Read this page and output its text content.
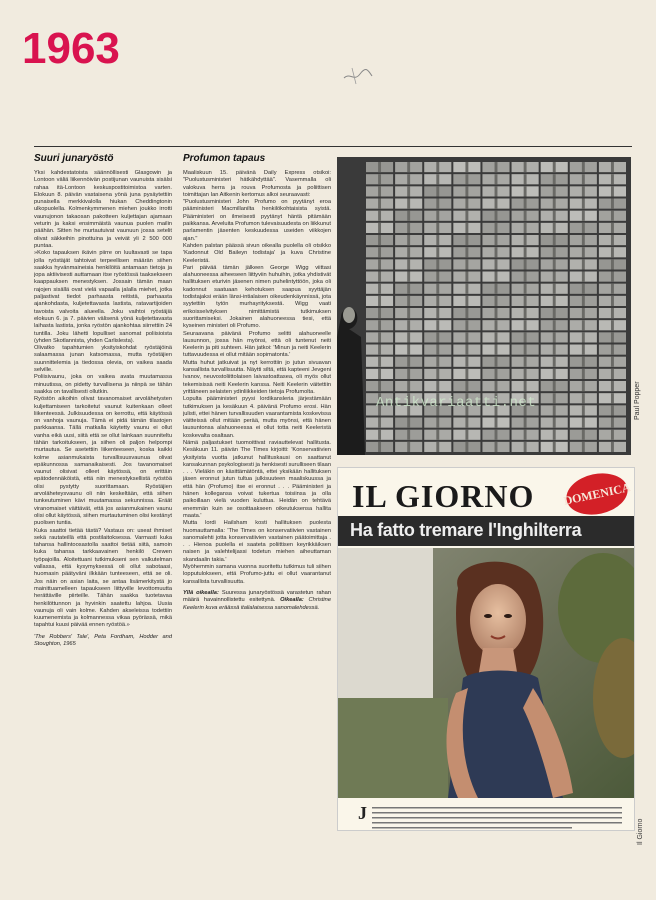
1963
Suuri junaryöstö

Yksi kahdestatoista säännöllisesti Glasgowin ja Lontoon väliä liikennöivän postijunan vaunuista sisälsi rahaa itä-Lontoon keskuspostitoimistoa varten. Elokuun 8. päivän vastaisena yönä juna pysäytettiin punaisella merkkivalolla hiukan Cheddingtonin ulkopuolella. Kolmenkymmenen miehen joukko irrotti vaunujonon takaosan pakotteen kuljettajan ajamaan veturin ja kaksi ensimmäistä vaunua puolen mailin päähän. Sitten he murtautuivat vaunuun jossa setelit olivat säkkeihin pinottuina ja veivät yli 2 500 000 puntaa.

»Koko tapauksen ikävin piirre on luultavasti se tapa jolla ryöstäjät tahtoivat terpeellisen määrän siihen saakka hyvänmaineisia henkilöitä antamaan tietoja ja jopa aktiivisesti auttamaan itse ryöstössä taaksekseen kaappauksen menestyksen. Jossain tämän maan rajojen sisällä ovat vielä vapaalla jalalla miehet, jotka paljastivat tiedot parhaasta reitistä, parhaasta ajankohdasta, kuljetettavasta lastista, ratavartijoiden tavoista valvoita alueella. Joku vaihtoi ryöstäjiä elokuun 6. ja 7. päivien välisenä yönä kuljetettavasta laihasta lastista, jonka ryöstön ajankohtaa siirrettiin 24 tuntilla. Joku lähetti lopulliset sanomat poliisioista (yhden Skotlannista, yhden Carlislesta).

Olivatko tapahtumien yksityiskohdat ryöstäjöinä salaamassa junan katsomassa, mutta ryöstäjien suunnittelemia ja tiedossa olevia, on vaikea saada selville.

Poliisivaunu, joka on vaikea avata muutamassa minuutissa, on pidetty turvallisena ja niinpä se tähän saakka on tavallisesti ollutkin.

Ryöstön aikoihin olivat tavanomaiset arvolähetysten kuljettamiseen tarkoitetut vaunut kuitenkaan olleet liikenteessä. Julkisuudessa on kerrottu, että käytössä on vanhoja vaunuja. Tämä ei pidä tämän tilastojen parkkaansa. Tällä matkalla käytetty vaunu ei ollut vanha eikä uusi, siitä että se ollut lainkaan suunniteltu tähän tarkoitukseen, ja siihen oli paljon helpompi murtautua. Se asetettiin liikenteeseen, koska kaikki kolme asianmukaista turvallisuusvaunua olivat epäkunnossa samanaikaisesti. Jos tavanomaiset vaunut olisivat olleet käytössä, on erittäin epätodennäköistä, että niin menestyksellistä ryöstöä olisi pystytty suorittamaan. Ryöstäjien arvoläheteysvaunu oli niin keskeltään, että siihen tunkeutuminen kävi muutamassa sekunnissa. Eräät viranomaiset väittävät, että jos asianmukainen vaunu olisi ollut käytössä, siihen murtautuminen olisi kestänyt puolisen tuntia.

Kuka saattoi tietää tästä? Vastaus on: useat ihmiset sekä rautateillä että postilaitoksessa. Varmasti kuka tahansa hallintoosastolla saattoi tietää siitä, samoin kuka tahansa tarkkaavainen henkilö Crewen työpajoilla. Aloitettuani tutkimukseni sen valkutelman vallassa, että kysymyksessä oli ollut sabotaasi, huomasin päätyväni ilkkään tunteeseen, että se oli. Jos näin on asian laita, se antaa lisämerkitystä jo mainittuamelleen tapaukseen liittyville levottomuutta herättäville piirteille. Tähän saakka tuotetavaa henkilöttunnon ja hyvinkin saatettu lahjoa. Uusia vaunuja oli vain kolme. Kahden akseleissa todettiin kuumenemista ja kolmannessa vikaa pyörässä, mikä tapahtui kuusi päivää ennen ryöstöä.»

'The Robbers' Tale', Peta Fordham, Hodder and Stoughton, 1965

Profumon tapaus

Maaliskuun 15. päivänä Daily Express otsikoi: "Puolustusministeri hätkähdyttää". Vasemmalla oli valokuva herra ja rouva Profumosta ja poliittisen toimittajan Ian Aitkenin kertomus alkoi seuraavasti:

"Puolustusministeri John Profumo on pyytänyt eroa pääministeri Macmillanilta henkilökohtaisista syistä. Pääministeri on ilmeisesti pyytänyt häntä pitämään paikkansa. Arveluita Profumon tulevaisuudesta on liikkunut parlamentin jäsenten keskuudessa useiden viikkojen ajan."

Kahden palstan päässä sivun oikealla puolella oli otsikko 'Kadonnut Old Baileyn todistaja' ja kuva Christine Keeleristä.

Pari päivää tämän jälkeen George Wigg viittasi alahuoneessa aiheeseen liittyviin huhuihin, jotka yhdistivät hallituksen eturivin jäsenen nimen puhelintyttöön, joka oli kadonnut saatuaan kehotuksen saapua syyttäjän todistajaksi erään länsi-intialaisen oikeudenkäynnissä, jota syytettiin tytön murhayrityksestä. Wigg vaati erikoisselvityksen nimittämistä tutkimuksen suorittamiseksi. Jokainen alahuoneessa tiesi, että kyseinen ministeri oli Profumo.

Seuraavana päivänä Profumo selitti alahuoneelle lausunnon, jossa hän myönsi, että oli tuntenut neiti Keelerin ja piti suhteen. Hän jatkoi: 'Minun ja neiti Keelerin tuttavuudessa ei ollut mitään sopimatonta.'

Mutta huhut jatkuivat ja nyt kerrottiin jo jutun sivuavan kansallista turvallisuutta. Näytti siltä, että kapteeni Jevgeni Ivanov, neuvostoliittolaisen laivastoattasea, oli myös ollut tekemisissä neiti Keelerin kanssa. Neiti Keelerin väitettiin yrittäneen selaisten ydinliikkeiden tietoja Profumolta.

Lopulta pääministeri pyysi lordikansleria järjestämään tutkimuksen ja kesäkuun 4. päivänä Profumo erosi. Hän julisti, ettei hänen turvallisuuden vaarantamista koskevissa väitteissä ollut mitään perää, mutta myönsi, että hänen lausuntonsa alahuoneessa ei ollut totta neiti Keeleristä koskevalta osaltaan.

Nämä paljastukset tuomoittivat raviauttelevat hallitusta. Kesäkuun 11. päivän The Times kirjoitti: 'Konservatiivien yksityista vuotta jatkunut hallituskausi on saattanut kansakunnan psykologisesti ja henkisesti surulliseen tilaan . . . Vieläkin on käsittämätöntä, ettei yksikään hallituksen jäsen eronnut jutun tultua julkisuuteen maaliskuussa ja että hän (Profumo) itse ei eronnut . . . Pääministeri ja hänen kollegansa voivat tukertua toisiinsa ja olla paikoillaan vielä vuoden kuluttua. Heidän on tehtävä enemmän kuin se osoittaakseen oikeutuksensa hallita maata.'

Mutta lordi Hailsham kosti hallituksen puolesta huomauttamalla: 'The Times on konservatiivien vastainen sanomalehti jotta konservatiivien vastainen päätoimittaja . . . Hienoa puolella ei saateta poliittisen keyrikkäiksen naisen ja valehtelijassi todetun miehen aiheuttaman skandaalin takia.'

Myöhemmin samana vuonna suoritettu tutkimus tuli siihen lopputulokseen, että Profumo-juttu ei ollut vaarantanut kansallista turvallisuutta.

Yllä oikealla: Suuressa junaryöstössä varastetun rahan määrä havainnollistettu esitettynä. Oikealla: Christine Keelerin kuva eräässä italialaisessa sanomalehdessä.

Paul Popper
Antikvariaatti.net
IL GIORNO DOMENICA
Ha fatto tremare l'Inghilterra
J
Il Giorno
